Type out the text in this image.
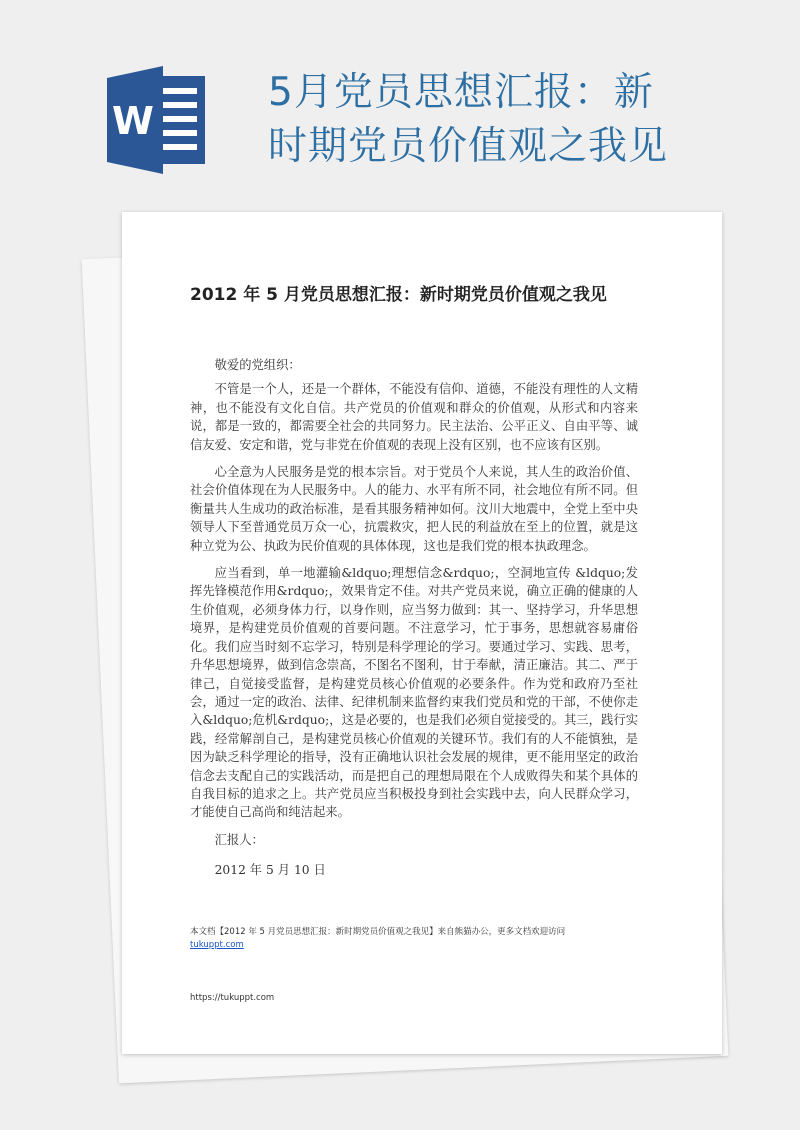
W
5月党员思想汇报：新
时期党员价值观之我见
2012 年 5 月党员思想汇报：新时期党员价值观之我见

敬爱的党组织：

不管是一个人，还是一个群体，不能没有信仰、道德，不能没有理性的人文精神，也不能没有文化自信。共产党员的价值观和群众的价值观，从形式和内容来说，都是一致的，都需要全社会的共同努力。民主法治、公平正义、自由平等、诚信友爱、安定和谐，党与非党在价值观的表现上没有区别，也不应该有区别。

心全意为人民服务是党的根本宗旨。对于党员个人来说，其人生的政治价值、社会价值体现在为人民服务中。人的能力、水平有所不同，社会地位有所不同。但衡量共人生成功的政治标准，是看其服务精神如何。汶川大地震中，全党上至中央领导人下至普通党员万众一心，抗震救灾，把人民的利益放在至上的位置，就是这种立党为公、执政为民价值观的具体体现，这也是我们党的根本执政理念。

应当看到，单一地灌输&ldquo;理想信念&rdquo;，空洞地宣传 &ldquo;发挥先锋模范作用&rdquo;，效果肯定不佳。对共产党员来说，确立正确的健康的人生价值观，必须身体力行，以身作则，应当努力做到：其一、坚持学习，升华思想境界，是构建党员价值观的首要问题。不注意学习，忙于事务，思想就容易庸俗化。我们应当时刻不忘学习，特别是科学理论的学习。要通过学习、实践、思考，升华思想境界，做到信念崇高，不图名不图利，甘于奉献，清正廉洁。其二、严于律己，自觉接受监督，是构建党员核心价值观的必要条件。作为党和政府乃至社会，通过一定的政治、法律、纪律机制来监督约束我们党员和党的干部，不使你走入&ldquo;危机&rdquo;，这是必要的，也是我们必须自觉接受的。其三，践行实践，经常解剖自己，是构建党员核心价值观的关键环节。我们有的人不能慎独，是因为缺乏科学理论的指导，没有正确地认识社会发展的规律，更不能用坚定的政治信念去支配自己的实践活动，而是把自己的理想局限在个人成败得失和某个具体的自我目标的追求之上。共产党员应当积极投身到社会实践中去，向人民群众学习，才能使自己高尚和纯洁起来。

汇报人：

2012 年 5 月 10 日

本文档【2012 年 5 月党员思想汇报：新时期党员价值观之我见】来自熊猫办公，更多文档欢迎访问
tukuppt.com
https://tukuppt.com
